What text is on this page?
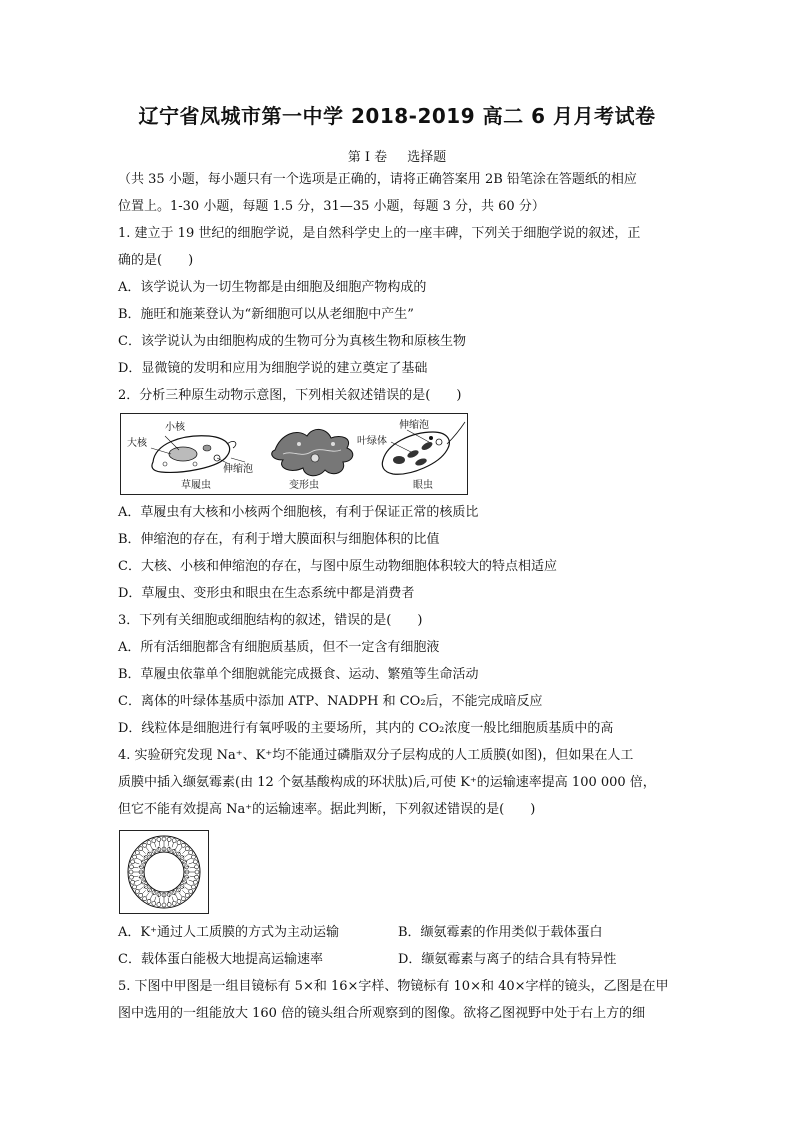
辽宁省凤城市第一中学 2018-2019 高二 6 月月考试卷
第 I 卷 选择题
（共 35 小题，每小题只有一个选项是正确的，请将正确答案用 2B 铅笔涂在答题纸的相应
位置上。1-30 小题，每题 1.5 分，31—35 小题，每题 3 分，共 60 分）
1. 建立于 19 世纪的细胞学说，是自然科学史上的一座丰碑，下列关于细胞学说的叙述，正
确的是(　　)
A．该学说认为一切生物都是由细胞及细胞产物构成的
B．施旺和施莱登认为“新细胞可以从老细胞中产生”
C．该学说认为由细胞构成的生物可分为真核生物和原核生物
D．显微镜的发明和应用为细胞学说的建立奠定了基础
2．分析三种原生动物示意图，下列相关叙述错误的是(　　)
小核
大核
伸缩泡
伸缩泡
叶绿体
草履虫	变形虫	眼虫
A．草履虫有大核和小核两个细胞核，有利于保证正常的核质比
B．伸缩泡的存在，有利于增大膜面积与细胞体积的比值
C．大核、小核和伸缩泡的存在，与图中原生动物细胞体积较大的特点相适应
D．草履虫、变形虫和眼虫在生态系统中都是消费者
3．下列有关细胞或细胞结构的叙述，错误的是(　　)
A．所有活细胞都含有细胞质基质，但不一定含有细胞液
B．草履虫依靠单个细胞就能完成摄食、运动、繁殖等生命活动
C．离体的叶绿体基质中添加 ATP、NADPH 和 CO₂后，不能完成暗反应
D．线粒体是细胞进行有氧呼吸的主要场所，其内的 CO₂浓度一般比细胞质基质中的高
4. 实验研究发现 Na⁺、K⁺均不能通过磷脂双分子层构成的人工质膜(如图)，但如果在人工
质膜中插入缬氨霉素(由 12 个氨基酸构成的环状肽)后,可使 K⁺的运输速率提高 100 000 倍，
但它不能有效提高 Na⁺的运输速率。据此判断，下列叙述错误的是(　　)
A．K⁺通过人工质膜的方式为主动运输	B．缬氨霉素的作用类似于载体蛋白
C．载体蛋白能极大地提高运输速率	D．缬氨霉素与离子的结合具有特异性
5. 下图中甲图是一组目镜标有 5×和 16×字样、物镜标有 10×和 40×字样的镜头，乙图是在甲
图中选用的一组能放大 160 倍的镜头组合所观察到的图像。欲将乙图视野中处于右上方的细
